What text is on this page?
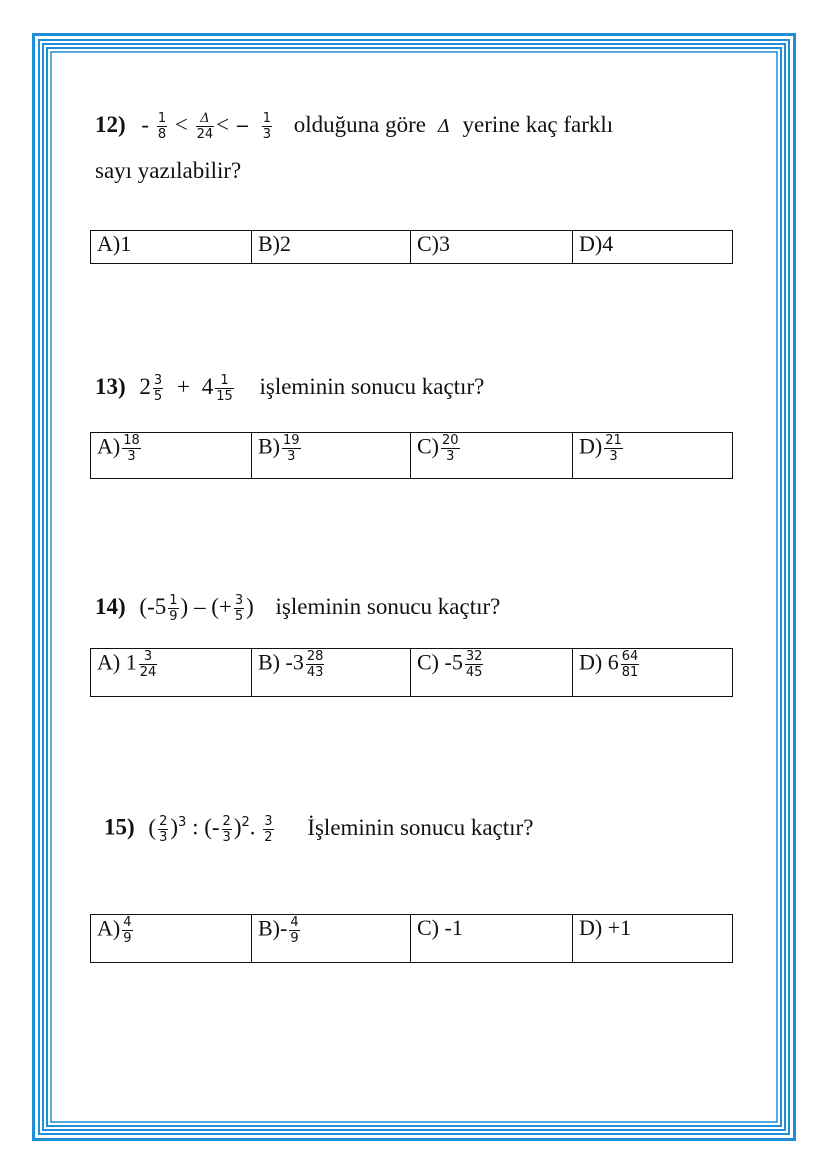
$12) - \frac{1}{8} < \frac{\Delta}{24}$ < − $\frac{1}{3}$ olduğuna göre Δ yerine kaç farklı
sayı yazılabilir?
A)1	B)2	C)3	D)4
13) $2 \frac{3}{5} + 4 \frac{1}{15}$ işleminin sonucu kaçtır?
$A) \frac{18}{3}$	$B) \frac{19}{3}$	$C) \frac{20}{3}$	$D) \frac{21}{3}$
14) ($-5 \frac{1}{9}$ ) – (+ $\frac{3}{5}$ ) işleminin sonucu kaçtır?
A) $1 \frac{3}{24}$	B) $-3 \frac{28}{43}$	C) $-5 \frac{32}{45}$	D) $6 \frac{64}{81}$
15) ( $\frac{2}{3} )^3$ : (- $\frac{2}{3} )^2$. $\frac{3}{2}$ İşleminin sonucu kaçtır?
$A) \frac{4}{9}$	$B)- \frac{4}{9}$	C) -1	D) +1
